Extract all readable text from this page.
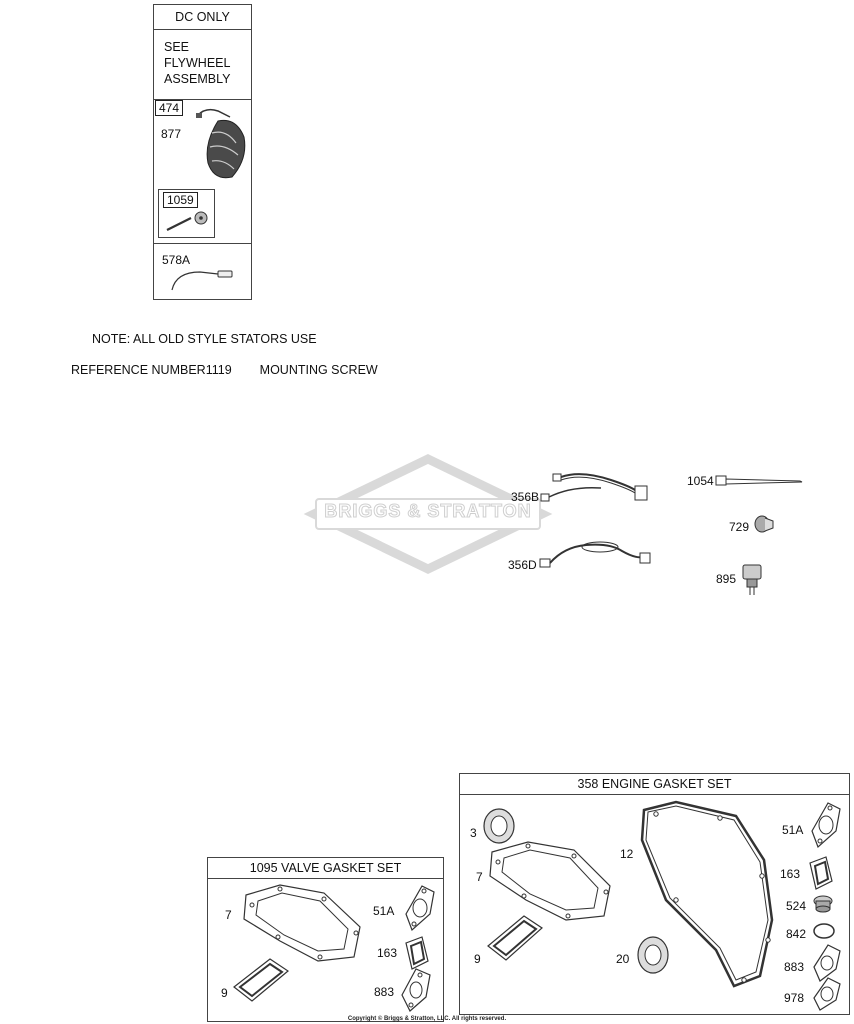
DC ONLY
SEE
FLYWHEEL
ASSEMBLY
474
877
1059
578A
NOTE: ALL OLD STYLE STATORS USE

REFERENCE NUMBER1119 MOUNTING SCREW

BRIGGS & STRATTON
356B
356D
1054
729
895
1095 VALVE GASKET SET
7
9
51A
163
883
358 ENGINE GASKET SET
3
7
9
12
20
51A
163
524
842
883
978
Copyright © Briggs & Stratton, LLC. All rights reserved.
